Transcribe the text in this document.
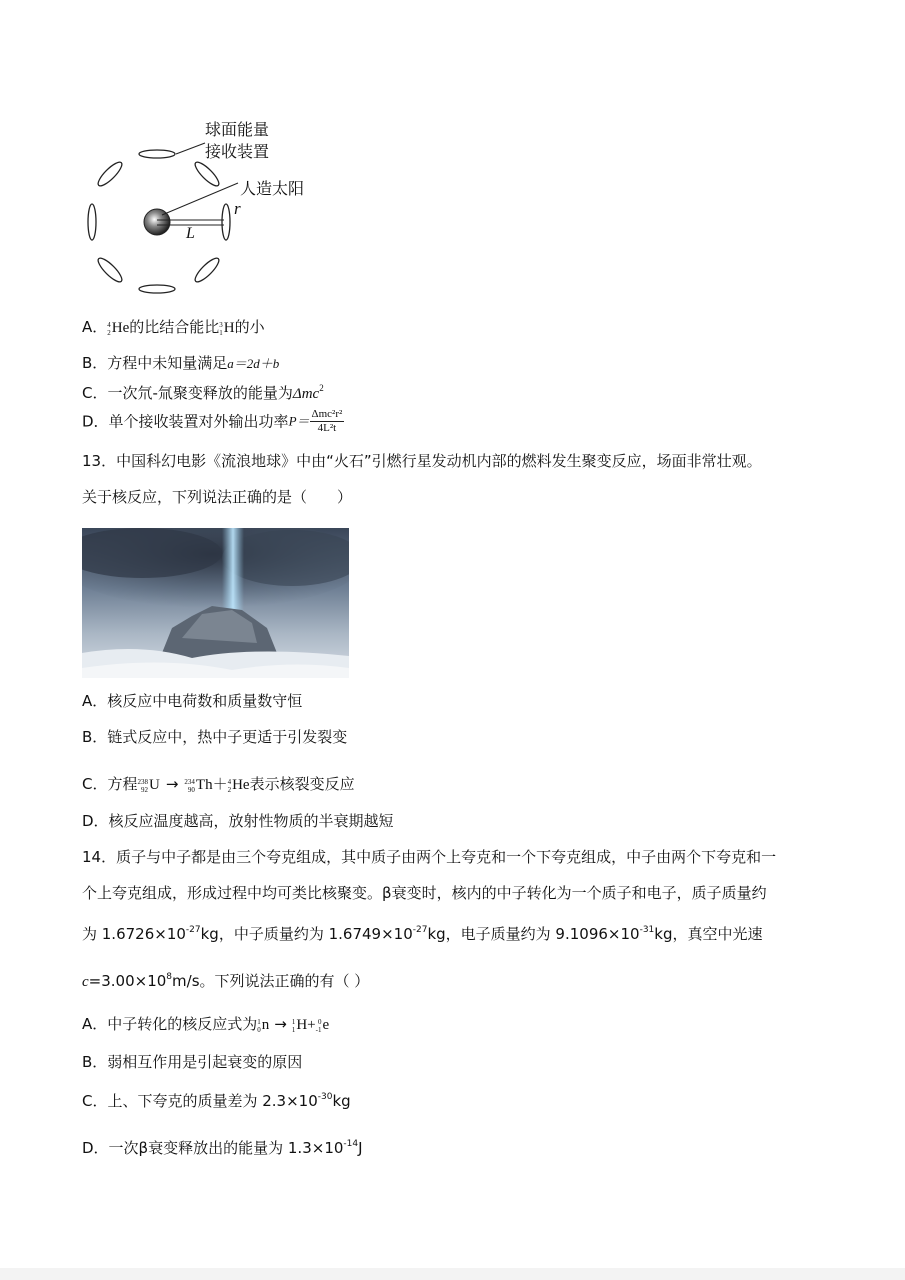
球面能量
接收装置
人造太阳
r
L
A． 4
2 He的比结合能比 3
1 H的小
B．方程中未知量满足a＝2d＋b
C．一次氘-氚聚变释放的能量为Δmc$^2$
D．单个接收装置对外输出功率$P= \frac{\text{Δmc²r²}}{\text{4L²t}}$
13．中国科幻电影《流浪地球》中由“火石”引燃行星发动机内部的燃料发生聚变反应，场面非常壮观。
关于核反应，下列说法正确的是（　　）
A．核反应中电荷数和质量数守恒
B．链式反应中，热中子更适于引发裂变
C．方程 238
92 U → 234
90 Th＋ 4
2 He表示核裂变反应
D．核反应温度越高，放射性物质的半衰期越短
14．质子与中子都是由三个夸克组成，其中质子由两个上夸克和一个下夸克组成，中子由两个下夸克和一
个上夸克组成，形成过程中均可类比核聚变。β衰变时，核内的中子转化为一个质子和电子，质子质量约
为 $1.6726\times 10^{-27}kg$，中子质量约为 $1.6749\times 10^{-27}kg$，电子质量约为 $9.1096\times 10^{-31}kg$，真空中光速
$c=3.00\times 10^8m/s$。下列说法正确的有（ ）
A．中子转化的核反应式为 1
0 n → 1
1 H+ 0
-1 e
B．弱相互作用是引起衰变的原因
C．上、下夸克的质量差为 $2.3\times 10^{-30}kg$
D．一次β衰变释放出的能量为 $1.3\times 10^{-14}J$
